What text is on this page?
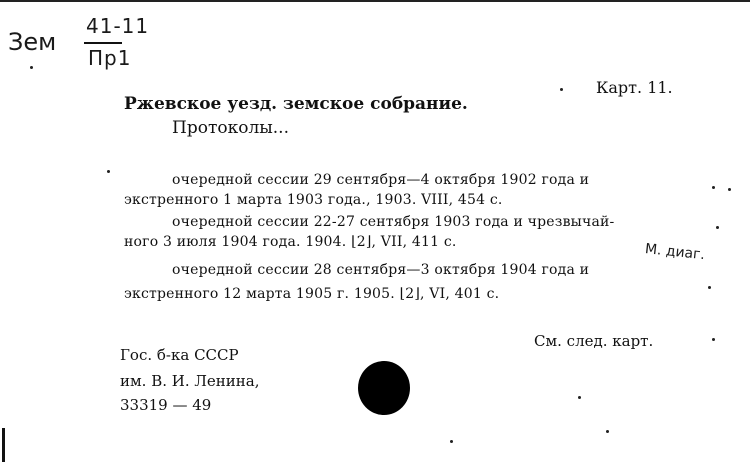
Зем
41-11
Пр1
Карт. 11.
Ржевское уезд. земское собрание.
Протоколы...
очередной сессии 29 сентября—4 октября 1902 года и
экстренного 1 марта 1903 года., 1903. VIII, 454 с.
очередной сессии 22-27 сентября 1903 года и чрезвычай-
ного 3 июля 1904 года. 1904. ⌊2⌋, VII, 411 с.
очередной сессии 28 сентября—3 октября 1904 года и
экстренного 12 марта 1905 г. 1905. ⌊2⌋, VI, 401 с.
М. диаг.
См. след. карт.
Гос. б-ка СССР
им. В. И. Ленина,
33319 — 49
